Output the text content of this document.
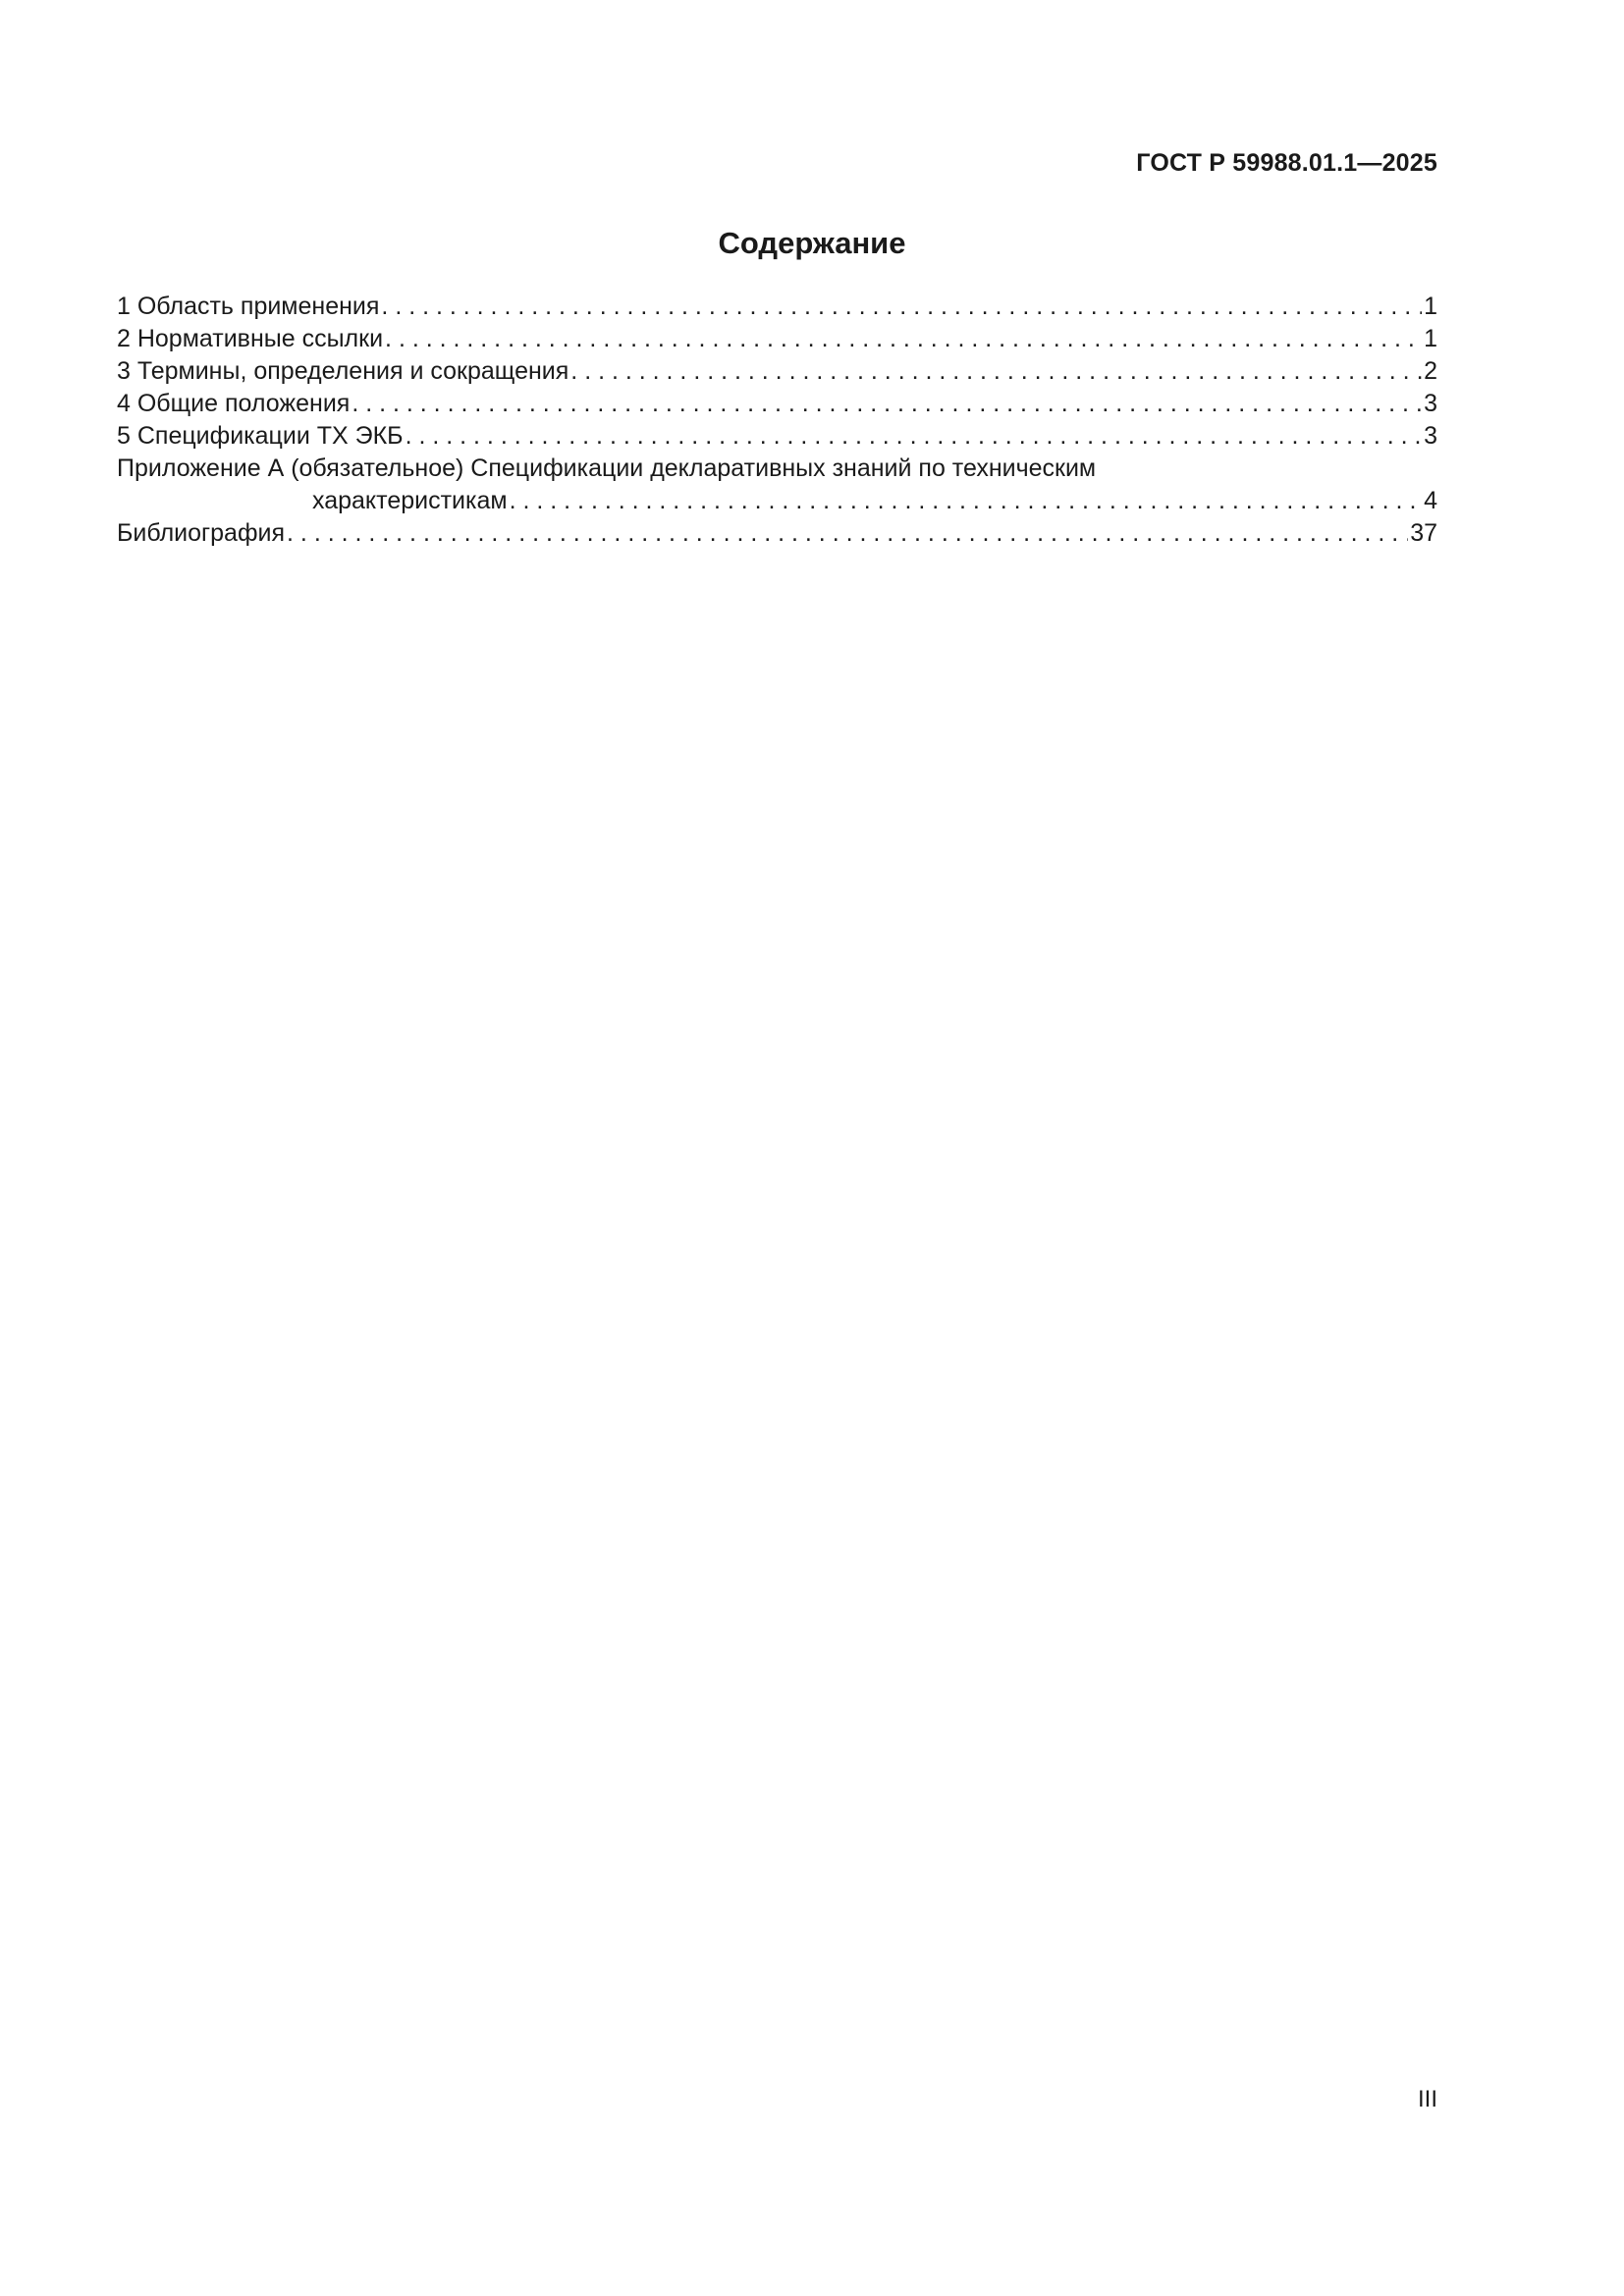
ГОСТ Р 59988.01.1—2025
Содержание
1 Область применения . . .	1
2 Нормативные ссылки . . .	1
3 Термины, определения и сокращения . . .	2
4 Общие положения . . .	3
5 Спецификации ТХ ЭКБ . . .	3
Приложение А (обязательное) Спецификации декларативных знаний по техническим
характеристикам . . .	4
Библиография . . .	37
III
